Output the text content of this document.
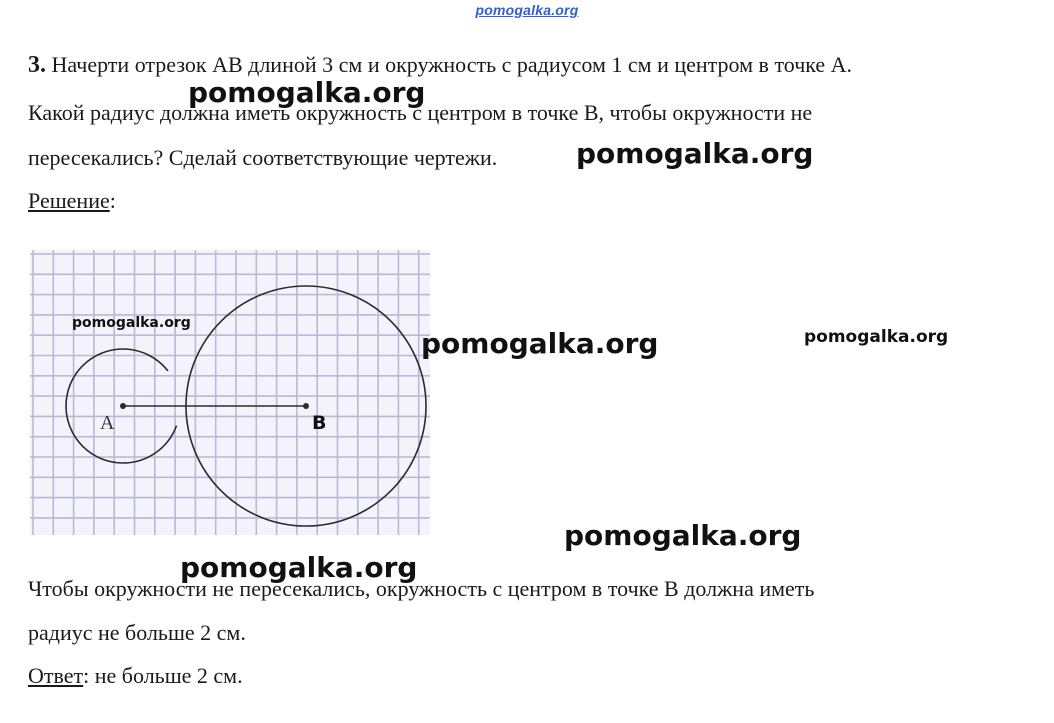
pomogalka.org
3. Начерти отрезок АВ длиной 3 см и окружность с радиусом 1 см и центром в точке А.
Какой радиус должна иметь окружность с центром в точке В, чтобы окружности не
пересекались? Сделай соответствующие чертежи.
Решение:
А	B
Чтобы окружности не пересекались, окружность с центром в точке В должна иметь
радиус не больше 2 см.
Ответ: не больше 2 см.
pomogalka.org
pomogalka.org
pomogalka.org
pomogalka.org	pomogalka.org
pomogalka.org
pomogalka.org
